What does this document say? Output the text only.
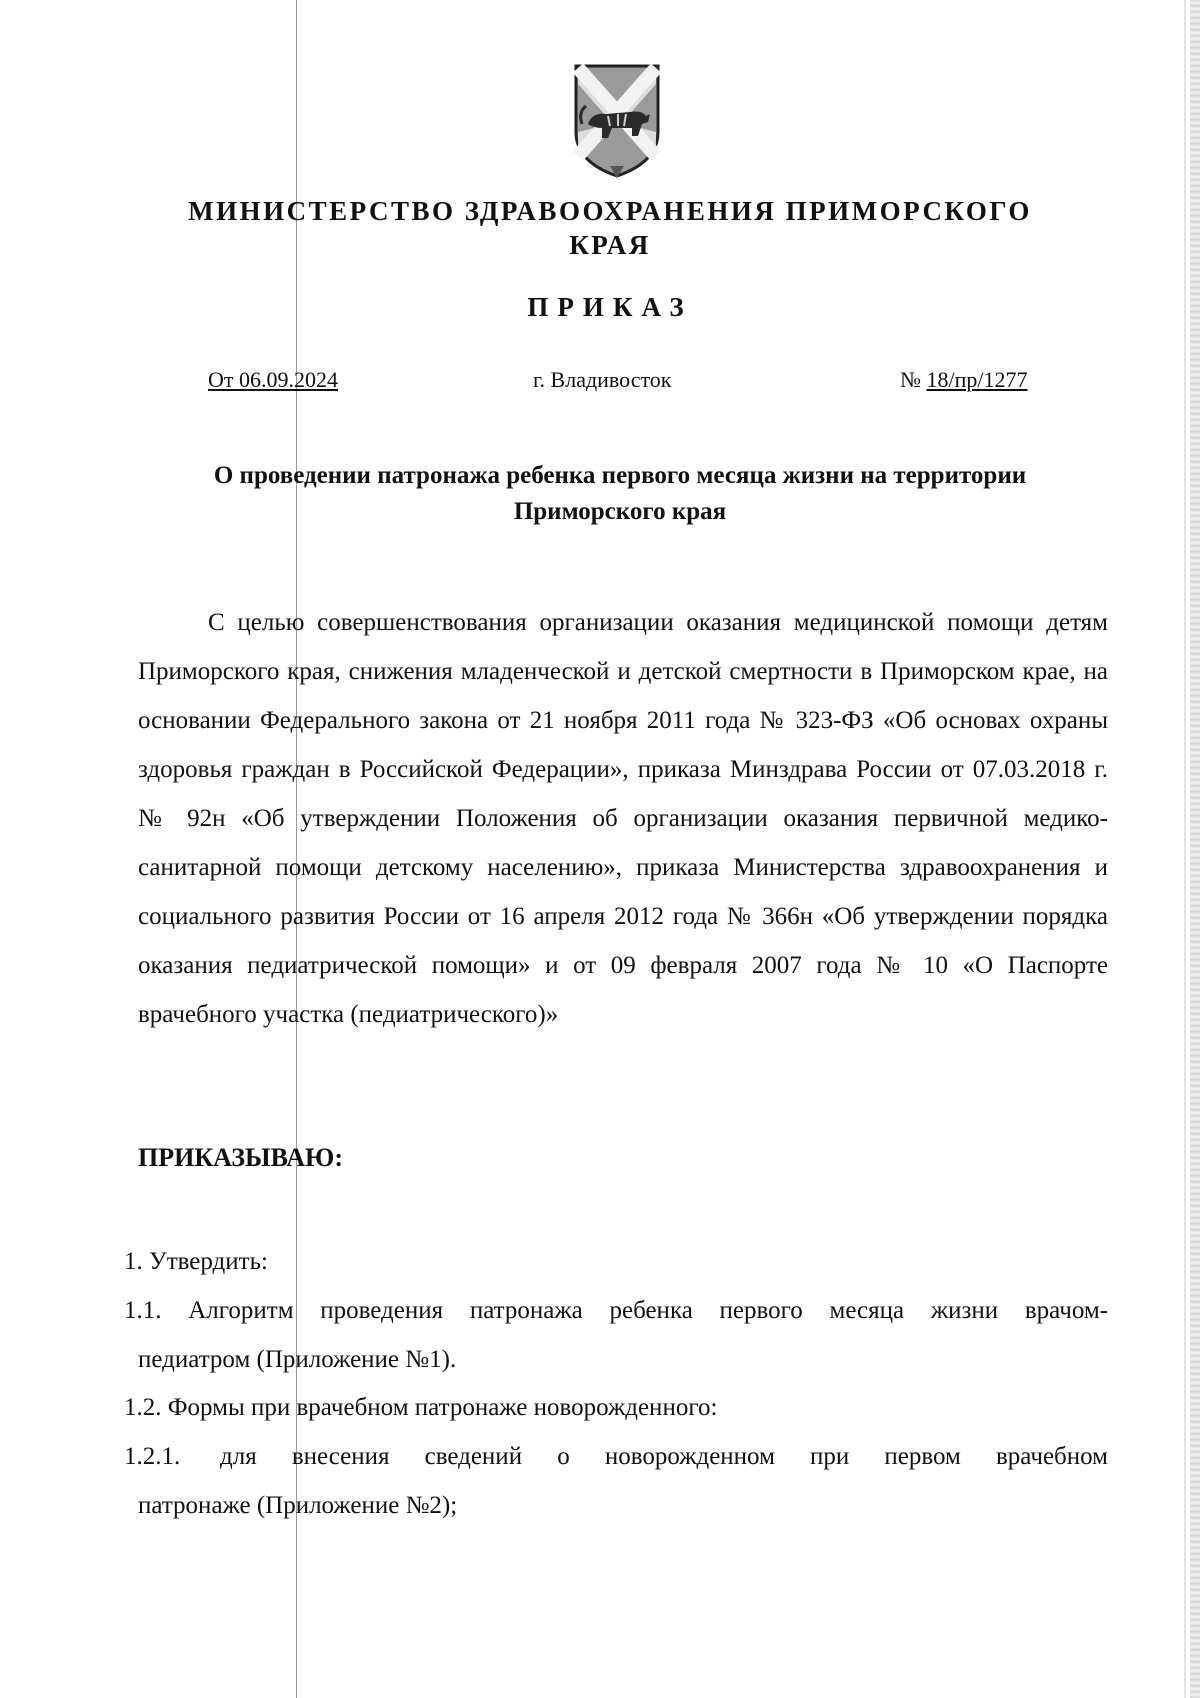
МИНИСТЕРСТВО ЗДРАВООХРАНЕНИЯ ПРИМОРСКОГО
КРАЯ
ПРИКАЗ
От 06.09.2024	г. Владивосток	№ 18/пр/1277
О проведении патронажа ребенка первого месяца жизни на территории
Приморского края

С целью совершенствования организации оказания медицинской помощи детям Приморского края, снижения младенческой и детской смертности в Приморском крае, на основании Федерального закона от 21 ноября 2011 года № 323-ФЗ «Об основах охраны здоровья граждан в Российской Федерации», приказа Минздрава России от 07.03.2018 г. № 92н «Об утверждении Положения об организации оказания первичной медико-санитарной помощи детскому населению», приказа Министерства здравоохранения и социального развития России от 16 апреля 2012 года № 366н «Об утверждении порядка оказания педиатрической помощи» и от 09 февраля 2007 года № 10 «О Паспорте врачебного участка (педиатрического)»

ПРИКАЗЫВАЮ:
1. Утвердить:
1.1. Алгоритм проведения патронажа ребенка первого месяца жизни врачом-
педиатром (Приложение №1).
1.2. Формы при врачебном патронаже новорожденного:
1.2.1.	для внесения сведений о новорожденном при первом врачебном
патронаже (Приложение №2);
